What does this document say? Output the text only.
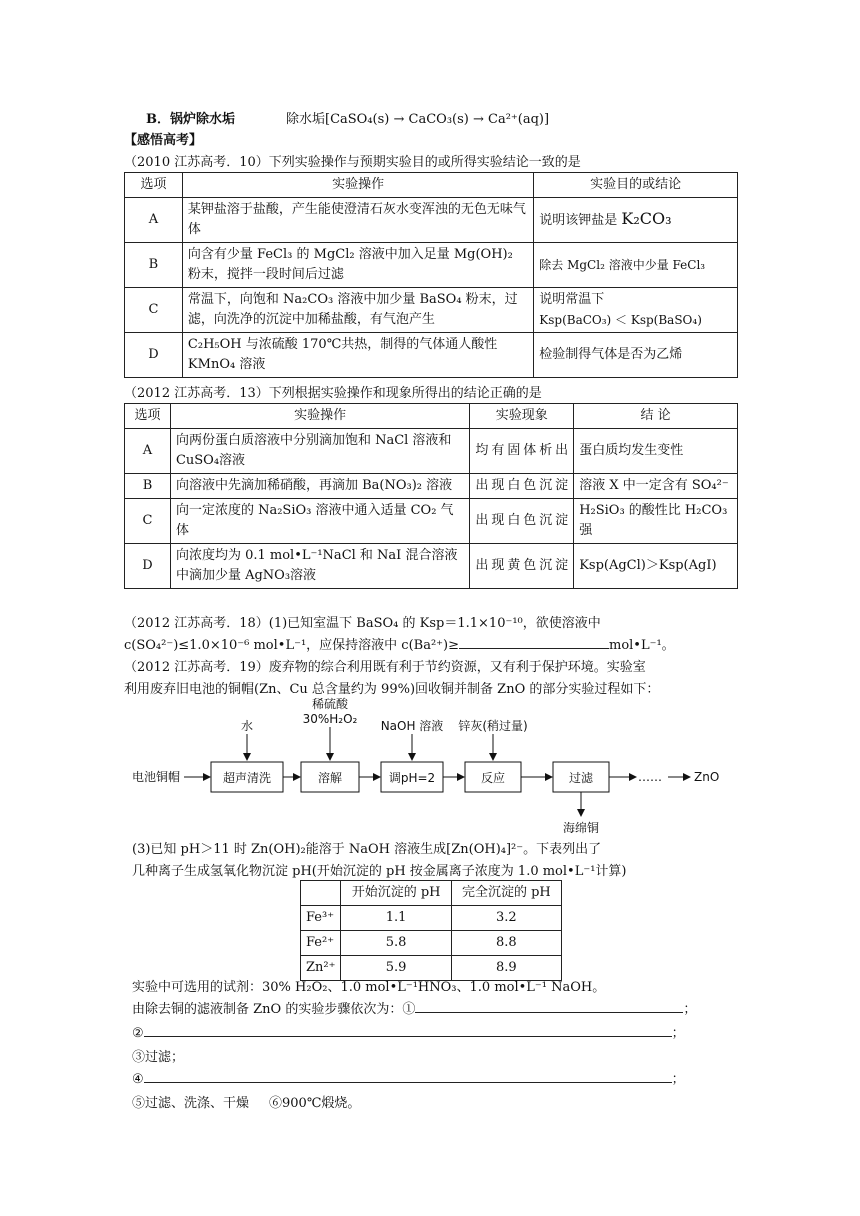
B．锅炉除水垢	除水垢[CaSO₄(s) → CaCO₃(s) → Ca²⁺(aq)]
【感悟高考】
（2010 江苏高考．10）下列实验操作与预期实验目的或所得实验结论一致的是
选项	实验操作	实验目的或结论
A	某钾盐溶于盐酸，产生能使澄清石灰水变浑浊的无色无味气体	说明该钾盐是 K₂CO₃
B	向含有少量 FeCl₃ 的 MgCl₂ 溶液中加入足量 Mg(OH)₂ 粉末，搅拌一段时间后过滤	除去 MgCl₂ 溶液中少量 FeCl₃
C	常温下，向饱和 Na₂CO₃ 溶液中加少量 BaSO₄ 粉末，过滤，向洗净的沉淀中加稀盐酸，有气泡产生	说明常温下
Ksp(BaCO₃) ＜ Ksp(BaSO₄)

D	C₂H₅OH 与浓硫酸 170℃共热，制得的气体通人酸性 KMnO₄ 溶液	检验制得气体是否为乙烯
（2012 江苏高考．13）下列根据实验操作和现象所得出的结论正确的是
选项	实验操作	实验现象	结 论
A	向两份蛋白质溶液中分别滴加饱和 NaCl 溶液和 CuSO₄溶液	均有固体析出	蛋白质均发生变性
B	向溶液中先滴加稀硝酸，再滴加 Ba(NO₃)₂ 溶液	出现白色沉淀	溶液 X 中一定含有 SO₄²⁻
C	向一定浓度的 Na₂SiO₃ 溶液中通入适量 CO₂ 气体	出现白色沉淀	H₂SiO₃ 的酸性比 H₂CO₃ 强
D	向浓度均为 0.1 mol•L⁻¹NaCl 和 NaI 混合溶液中滴加少量 AgNO₃溶液	出现黄色沉淀	Ksp(AgCl)＞Ksp(AgI)
（2012 江苏高考．18）(1)已知室温下 BaSO₄ 的 Ksp＝1.1×10⁻¹⁰，欲使溶液中
c(SO₄²⁻)≤1.0×10⁻⁶ mol•L⁻¹，应保持溶液中 c(Ba²⁺)≥	mol•L⁻¹。
（2012 江苏高考．19）废弃物的综合利用既有利于节约资源，又有利于保护环境。实验室
利用废弃旧电池的铜帽(Zn、Cu 总含量约为 99%)回收铜并制备 ZnO 的部分实验过程如下：
电池铜帽	超声清洗	溶解	调pH=2	反应	过滤	……	ZnO
水
稀硫酸
30%H₂O₂ NaOH 溶液 锌灰(稍过量)
海绵铜
(3)已知 pH＞11 时 Zn(OH)₂能溶于 NaOH 溶液生成[Zn(OH)₄]²⁻。下表列出了
几种离子生成氢氧化物沉淀 pH(开始沉淀的 pH 按金属离子浓度为 1.0 mol•L⁻¹计算)
	开始沉淀的 pH	完全沉淀的 pH
Fe³⁺	1.1	3.2
Fe²⁺	5.8	8.8
Zn²⁺	5.9	8.9
实验中可选用的试剂：30% H₂O₂、1.0 mol•L⁻¹HNO₃、1.0 mol•L⁻¹ NaOH。
由除去铜的滤液制备 ZnO 的实验步骤依次为：①	；
②	；
③过滤；
④	；
⑤过滤、洗涤、干燥 ⑥900℃煅烧。
